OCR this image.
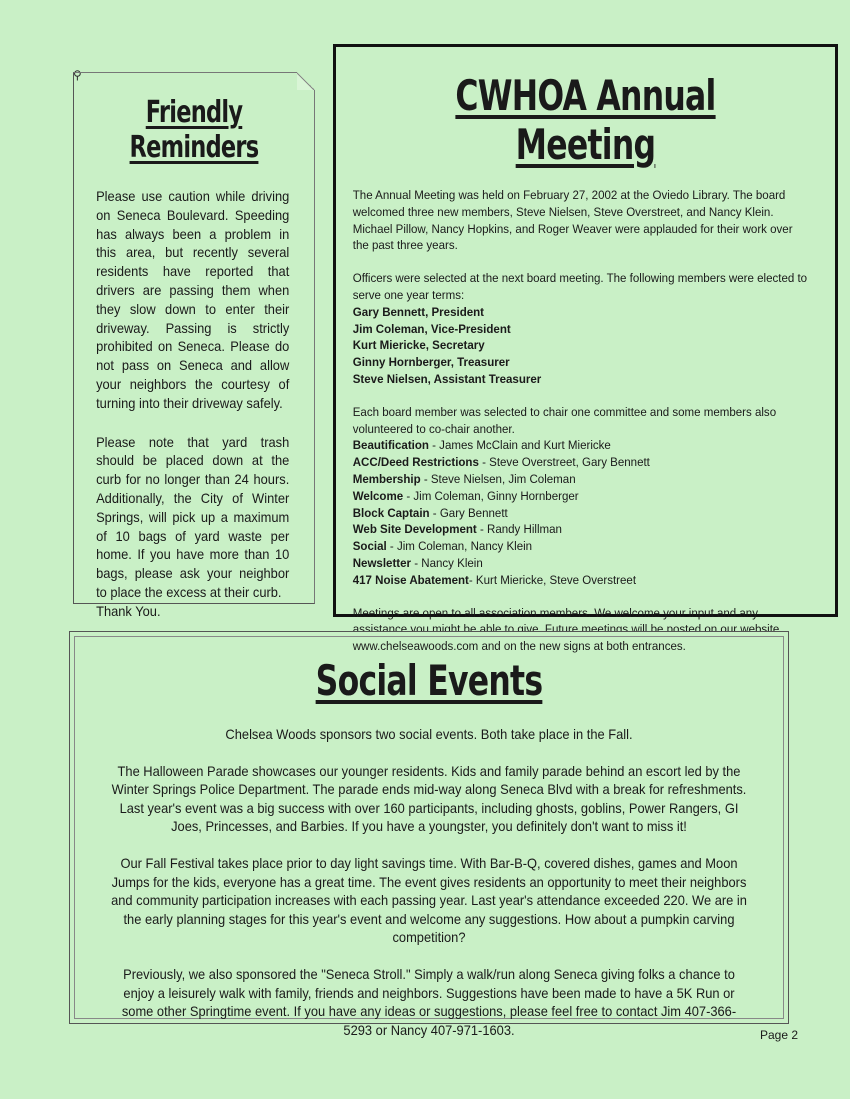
⚲
Friendly Reminders

Please use caution while driving on Seneca Boulevard. Speeding has always been a problem in this area, but recently several residents have reported that drivers are passing them when they slow down to enter their driveway. Passing is strictly prohibited on Seneca. Please do not pass on Seneca and allow your neighbors the courtesy of turning into their driveway safely.

Please note that yard trash should be placed down at the curb for no longer than 24 hours. Additionally, the City of Winter Springs, will pick up a maximum of 10 bags of yard waste per home. If you have more than 10 bags, please ask your neighbor to place the excess at their curb.

Thank You.
CWHOA Annual Meeting

The Annual Meeting was held on February 27, 2002 at the Oviedo Library. The board welcomed three new members, Steve Nielsen, Steve Overstreet, and Nancy Klein. Michael Pillow, Nancy Hopkins, and Roger Weaver were applauded for their work over the past three years.

Officers were selected at the next board meeting. The following members were elected to serve one year terms:
Gary Bennett, President
Jim Coleman, Vice-President
Kurt Miericke, Secretary
Ginny Hornberger, Treasurer
Steve Nielsen, Assistant Treasurer
Each board member was selected to chair one committee and some members also volunteered to co-chair another.
Beautification - James McClain and Kurt Miericke
ACC/Deed Restrictions - Steve Overstreet, Gary Bennett
Membership - Steve Nielsen, Jim Coleman
Welcome - Jim Coleman, Ginny Hornberger
Block Captain - Gary Bennett
Web Site Development - Randy Hillman
Social - Jim Coleman, Nancy Klein
Newsletter - Nancy Klein
417 Noise Abatement- Kurt Miericke, Steve Overstreet

Meetings are open to all association members. We welcome your input and any assistance you might be able to give. Future meetings will be posted on our website www.chelseawoods.com and on the new signs at both entrances.

Social Events

Chelsea Woods sponsors two social events. Both take place in the Fall.

The Halloween Parade showcases our younger residents. Kids and family parade behind an escort led by the Winter Springs Police Department. The parade ends mid-way along Seneca Blvd with a break for refreshments. Last year's event was a big success with over 160 participants, including ghosts, goblins, Power Rangers, GI Joes, Princesses, and Barbies. If you have a youngster, you definitely don't want to miss it!

Our Fall Festival takes place prior to day light savings time. With Bar-B-Q, covered dishes, games and Moon Jumps for the kids, everyone has a great time. The event gives residents an opportunity to meet their neighbors and community participation increases with each passing year. Last year's attendance exceeded 220. We are in the early planning stages for this year's event and welcome any suggestions. How about a pumpkin carving competition?

Previously, we also sponsored the "Seneca Stroll." Simply a walk/run along Seneca giving folks a chance to enjoy a leisurely walk with family, friends and neighbors. Suggestions have been made to have a 5K Run or some other Springtime event. If you have any ideas or suggestions, please feel free to contact Jim 407-366-5293 or Nancy 407-971-1603.	Page 2
